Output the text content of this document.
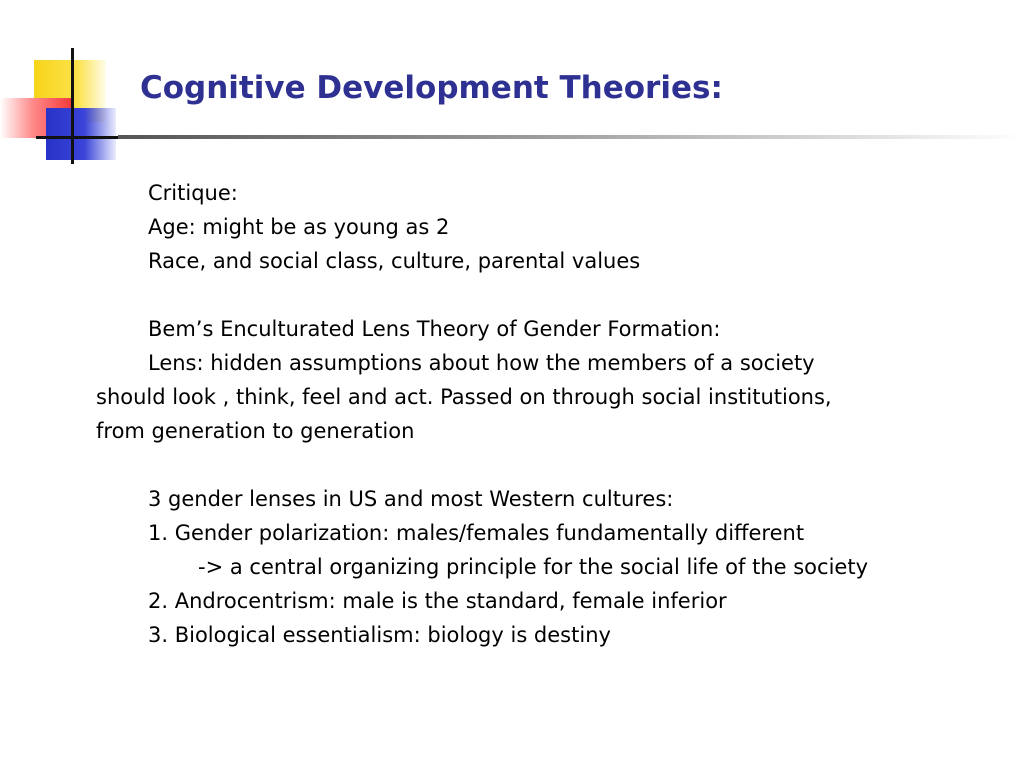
Cognitive Development Theories:
Critique:
Age: might be as young as 2
Race, and social class, culture, parental values
Bem’s Enculturated Lens Theory of Gender Formation:
Lens: hidden assumptions about how the members of a society
should look , think, feel and act. Passed on through social institutions,
from generation to generation
3 gender lenses in US and most Western cultures:
1. Gender polarization: males/females fundamentally different
-> a central organizing principle for the social life of the society
2. Androcentrism: male is the standard, female inferior
3. Biological essentialism: biology is destiny
